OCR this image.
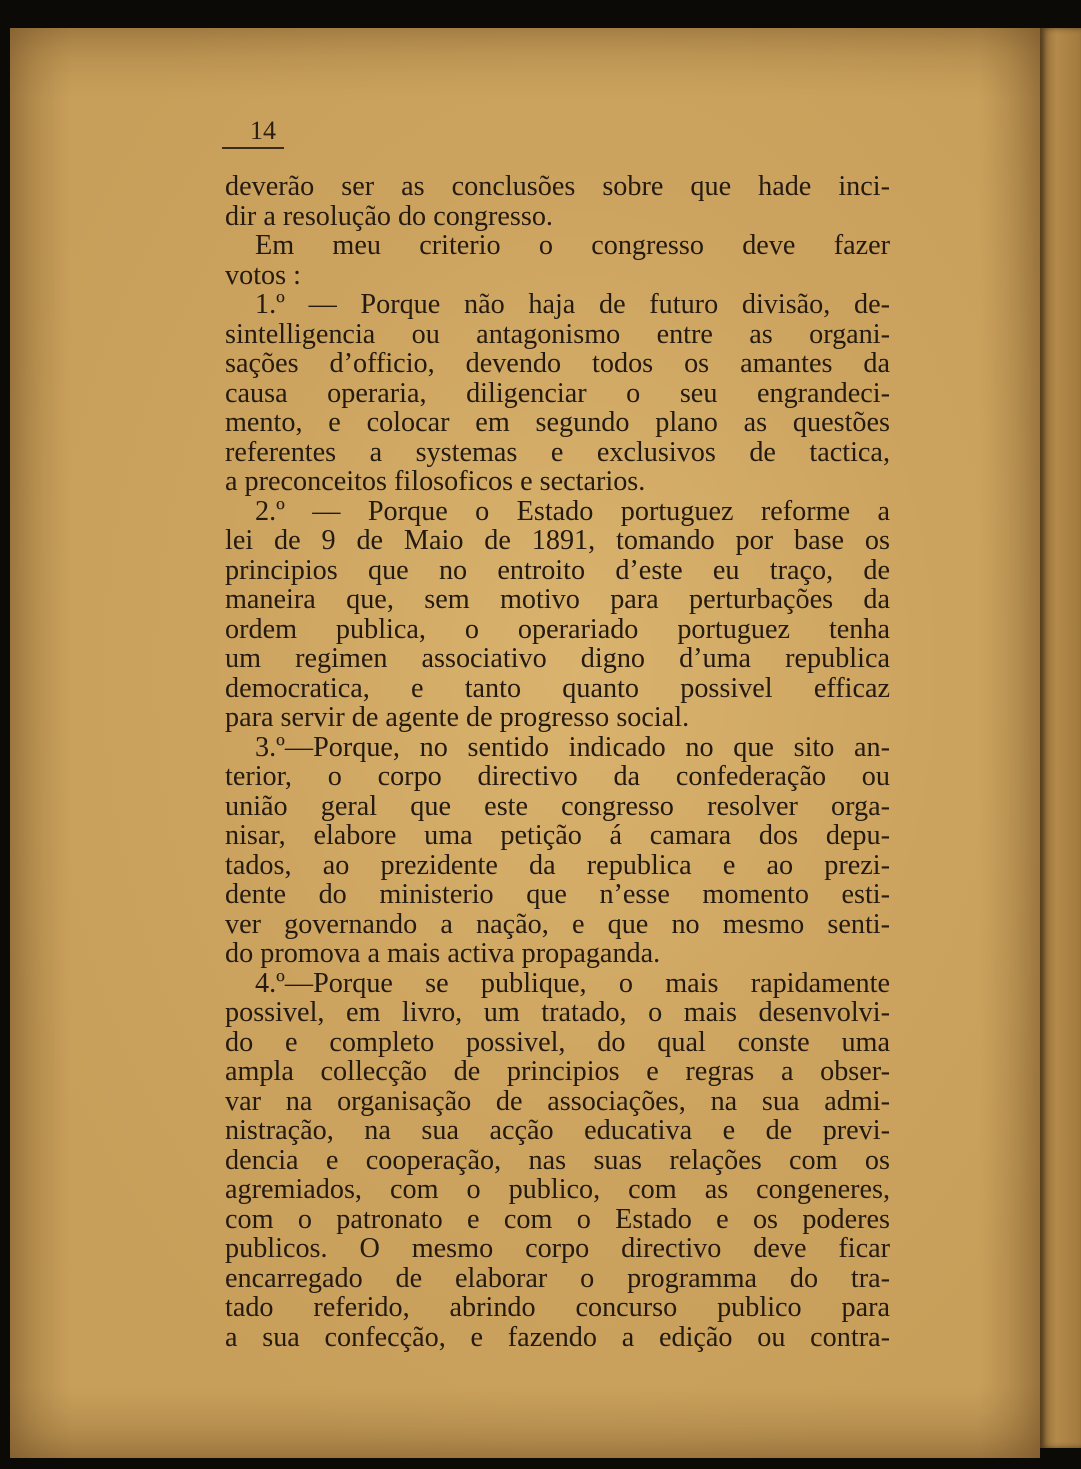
14
deverão ser as conclusões sobre que hade inci-
dir a resolução do congresso.
Em meu criterio o congresso deve fazer
votos :
1.º — Porque não haja de futuro divisão, de-
sintelligencia ou antagonismo entre as organi-
sações d’officio, devendo todos os amantes da
causa operaria, diligenciar o seu engrandeci-
mento, e colocar em segundo plano as questões
referentes a systemas e exclusivos de tactica,
a preconceitos filosoficos e sectarios.
2.º — Porque o Estado portuguez reforme a
lei de 9 de Maio de 1891, tomando por base os
principios que no entroito d’este eu traço, de
maneira que, sem motivo para perturbações da
ordem publica, o operariado portuguez tenha
um regimen associativo digno d’uma republica
democratica, e tanto quanto possivel efficaz
para servir de agente de progresso social.
3.º—Porque, no sentido indicado no que sito an-
terior, o corpo directivo da confederação ou
união geral que este congresso resolver orga-
nisar, elabore uma petição á camara dos depu-
tados, ao prezidente da republica e ao prezi-
dente do ministerio que n’esse momento esti-
ver governando a nação, e que no mesmo senti-
do promova a mais activa propaganda.
4.º—Porque se publique, o mais rapidamente
possivel, em livro, um tratado, o mais desenvolvi-
do e completo possivel, do qual conste uma
ampla collecção de principios e regras a obser-
var na organisação de associações, na sua admi-
nistração, na sua acção educativa e de previ-
dencia e cooperação, nas suas relações com os
agremiados, com o publico, com as congeneres,
com o patronato e com o Estado e os poderes
publicos. O mesmo corpo directivo deve ficar
encarregado de elaborar o programma do tra-
tado referido, abrindo concurso publico para
a sua confecção, e fazendo a edição ou contra-
